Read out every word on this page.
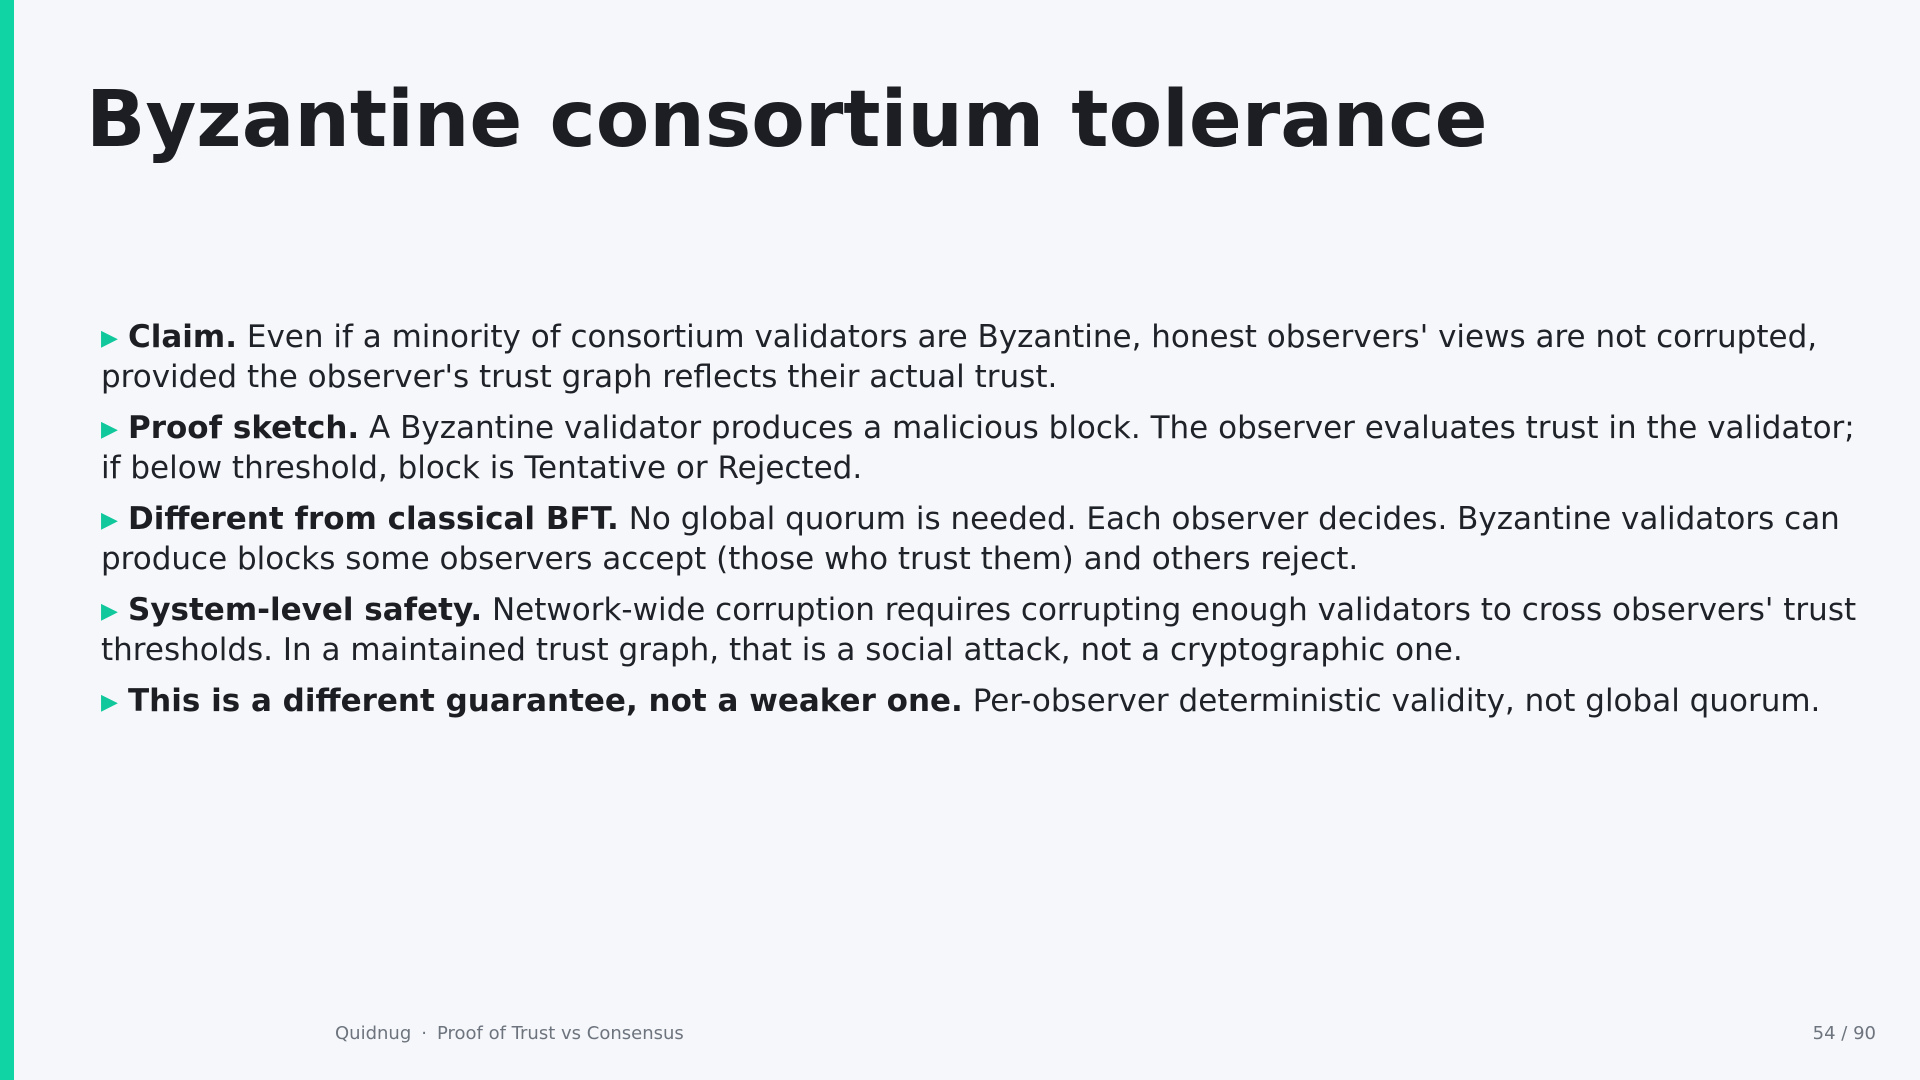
Byzantine consortium tolerance
▶ Claim. Even if a minority of consortium validators are Byzantine, honest observers' views are not corrupted, provided the observer's trust graph reflects their actual trust.
▶ Proof sketch. A Byzantine validator produces a malicious block. The observer evaluates trust in the validator; if below threshold, block is Tentative or Rejected.
▶ Different from classical BFT. No global quorum is needed. Each observer decides. Byzantine validators can produce blocks some observers accept (those who trust them) and others reject.
▶ System-level safety. Network-wide corruption requires corrupting enough validators to cross observers' trust thresholds. In a maintained trust graph, that is a social attack, not a cryptographic one.
▶ This is a different guarantee, not a weaker one. Per-observer deterministic validity, not global quorum.
Quidnug · Proof of Trust vs Consensus	54 / 90
